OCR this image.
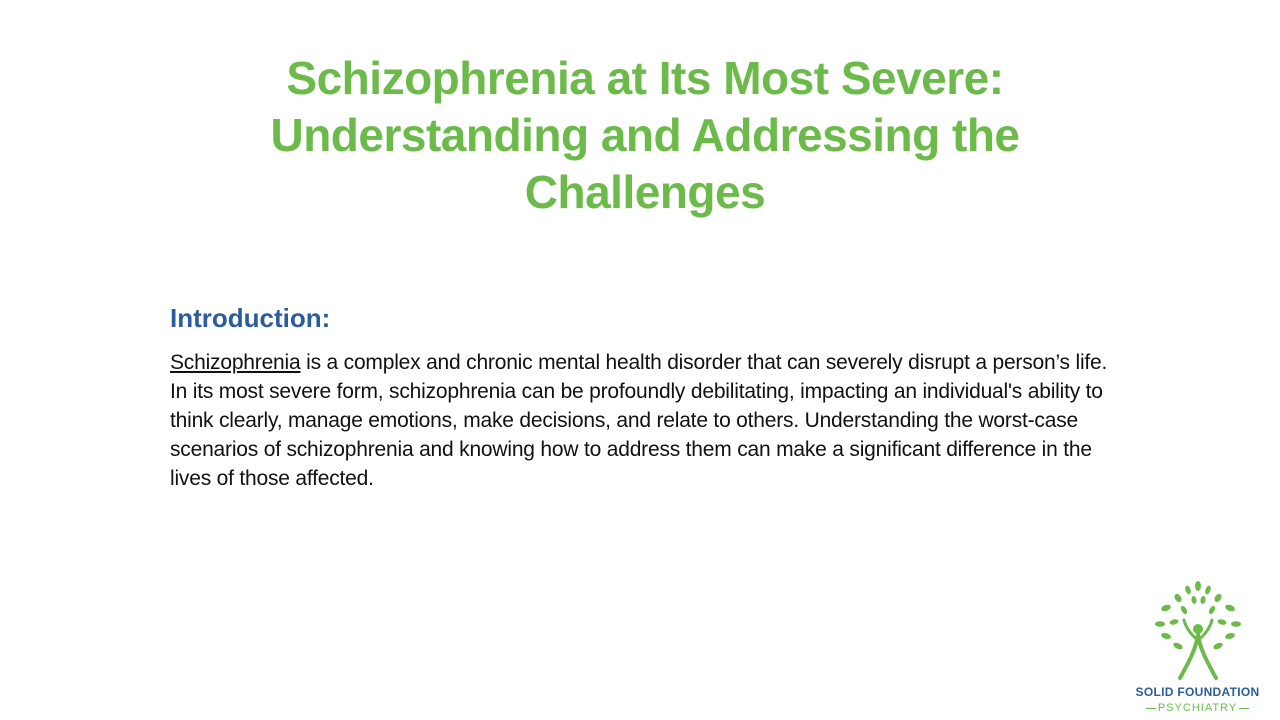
Schizophrenia at Its Most Severe:
Understanding and Addressing the
Challenges
Introduction:

Schizophrenia is a complex and chronic mental health disorder that can severely disrupt a person’s life. In its most severe form, schizophrenia can be profoundly debilitating, impacting an individual's ability to think clearly, manage emotions, make decisions, and relate to others. Understanding the worst-case scenarios of schizophrenia and knowing how to address them can make a significant difference in the lives of those affected.

SOLID FOUNDATION
PSYCHIATRY
